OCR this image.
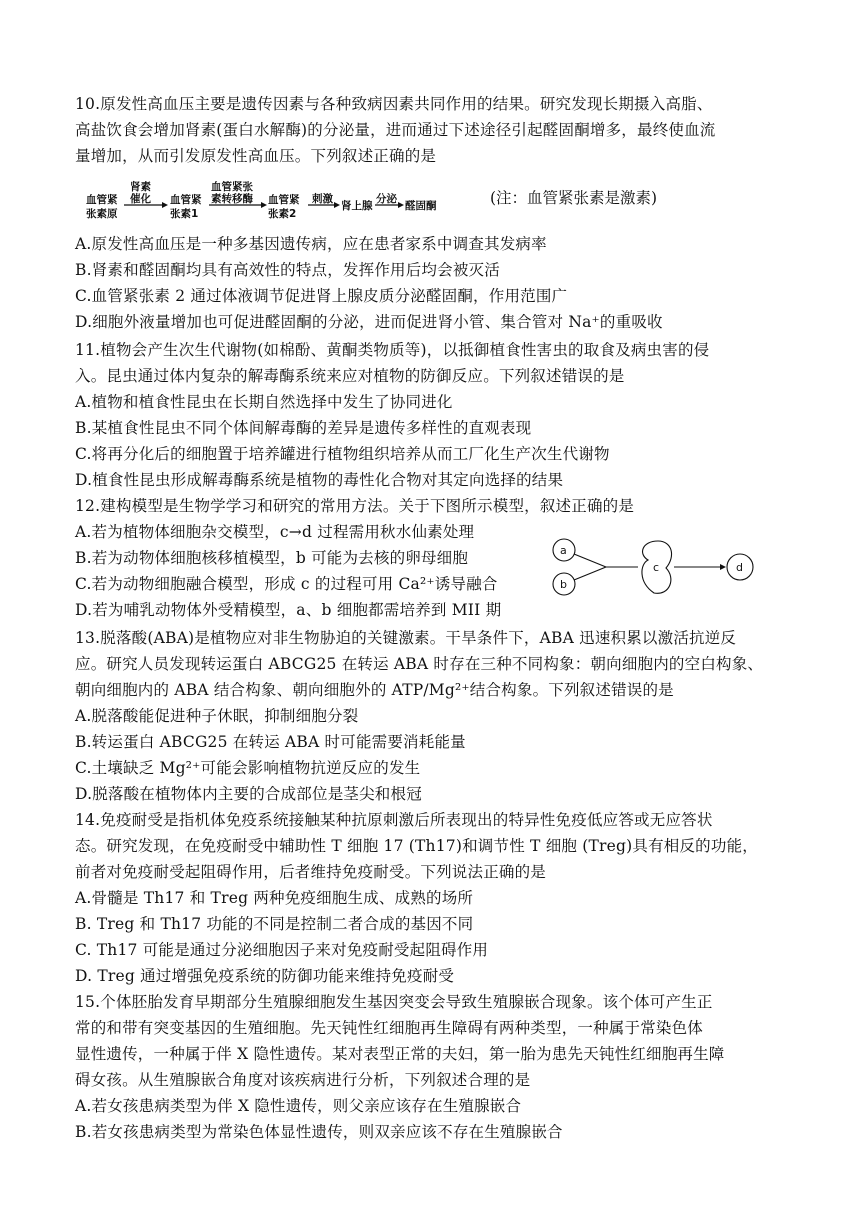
10.原发性高血压主要是遗传因素与各种致病因素共同作用的结果。研究发现长期摄入高脂、
高盐饮食会增加肾素(蛋白水解酶)的分泌量，进而通过下述途径引起醛固酮增多，最终使血流
量增加，从而引发原发性高血压。下列叙述正确的是
血管紧
张素原
肾素
催化 血管紧
张素1
血管紧张
素转移酶 血管紧
张素2
刺激
肾上腺
分泌
醛固酮	(注：血管紧张素是激素)
A.原发性高血压是一种多基因遗传病，应在患者家系中调查其发病率
B.肾素和醛固酮均具有高效性的特点，发挥作用后均会被灭活
C.血管紧张素 2 通过体液调节促进肾上腺皮质分泌醛固酮，作用范围广
D.细胞外液量增加也可促进醛固酮的分泌，进而促进肾小管、集合管对 Na⁺的重吸收
11.植物会产生次生代谢物(如棉酚、黄酮类物质等)，以抵御植食性害虫的取食及病虫害的侵
入。昆虫通过体内复杂的解毒酶系统来应对植物的防御反应。下列叙述错误的是
A.植物和植食性昆虫在长期自然选择中发生了协同进化
B.某植食性昆虫不同个体间解毒酶的差异是遗传多样性的直观表现
C.将再分化后的细胞置于培养罐进行植物组织培养从而工厂化生产次生代谢物
D.植食性昆虫形成解毒酶系统是植物的毒性化合物对其定向选择的结果
12.建构模型是生物学学习和研究的常用方法。关于下图所示模型，叙述正确的是
A.若为植物体细胞杂交模型，c→d 过程需用秋水仙素处理
B.若为动物体细胞核移植模型，b 可能为去核的卵母细胞
C.若为动物细胞融合模型，形成 c 的过程可用 Ca²⁺诱导融合
D.若为哺乳动物体外受精模型，a、b 细胞都需培养到 MII 期
a
b
c	d
13.脱落酸(ABA)是植物应对非生物胁迫的关键激素。干旱条件下，ABA 迅速积累以激活抗逆反
应。研究人员发现转运蛋白 ABCG25 在转运 ABA 时存在三种不同构象：朝向细胞内的空白构象、
朝向细胞内的 ABA 结合构象、朝向细胞外的 ATP/Mg²⁺结合构象。下列叙述错误的是
A.脱落酸能促进种子休眠，抑制细胞分裂
B.转运蛋白 ABCG25 在转运 ABA 时可能需要消耗能量
C.土壤缺乏 Mg²⁺可能会影响植物抗逆反应的发生
D.脱落酸在植物体内主要的合成部位是茎尖和根冠
14.免疫耐受是指机体免疫系统接触某种抗原刺激后所表现出的特异性免疫低应答或无应答状
态。研究发现，在免疫耐受中辅助性 T 细胞 17 (Th17)和调节性 T 细胞 (Treg)具有相反的功能，
前者对免疫耐受起阻碍作用，后者维持免疫耐受。下列说法正确的是
A.骨髓是 Th17 和 Treg 两种免疫细胞生成、成熟的场所
B. Treg 和 Th17 功能的不同是控制二者合成的基因不同
C. Th17 可能是通过分泌细胞因子来对免疫耐受起阻碍作用
D. Treg 通过增强免疫系统的防御功能来维持免疫耐受
15.个体胚胎发育早期部分生殖腺细胞发生基因突变会导致生殖腺嵌合现象。该个体可产生正
常的和带有突变基因的生殖细胞。先天钝性红细胞再生障碍有两种类型，一种属于常染色体
显性遗传，一种属于伴 X 隐性遗传。某对表型正常的夫妇，第一胎为患先天钝性红细胞再生障
碍女孩。从生殖腺嵌合角度对该疾病进行分析，下列叙述合理的是
A.若女孩患病类型为伴 X 隐性遗传，则父亲应该存在生殖腺嵌合
B.若女孩患病类型为常染色体显性遗传，则双亲应该不存在生殖腺嵌合
